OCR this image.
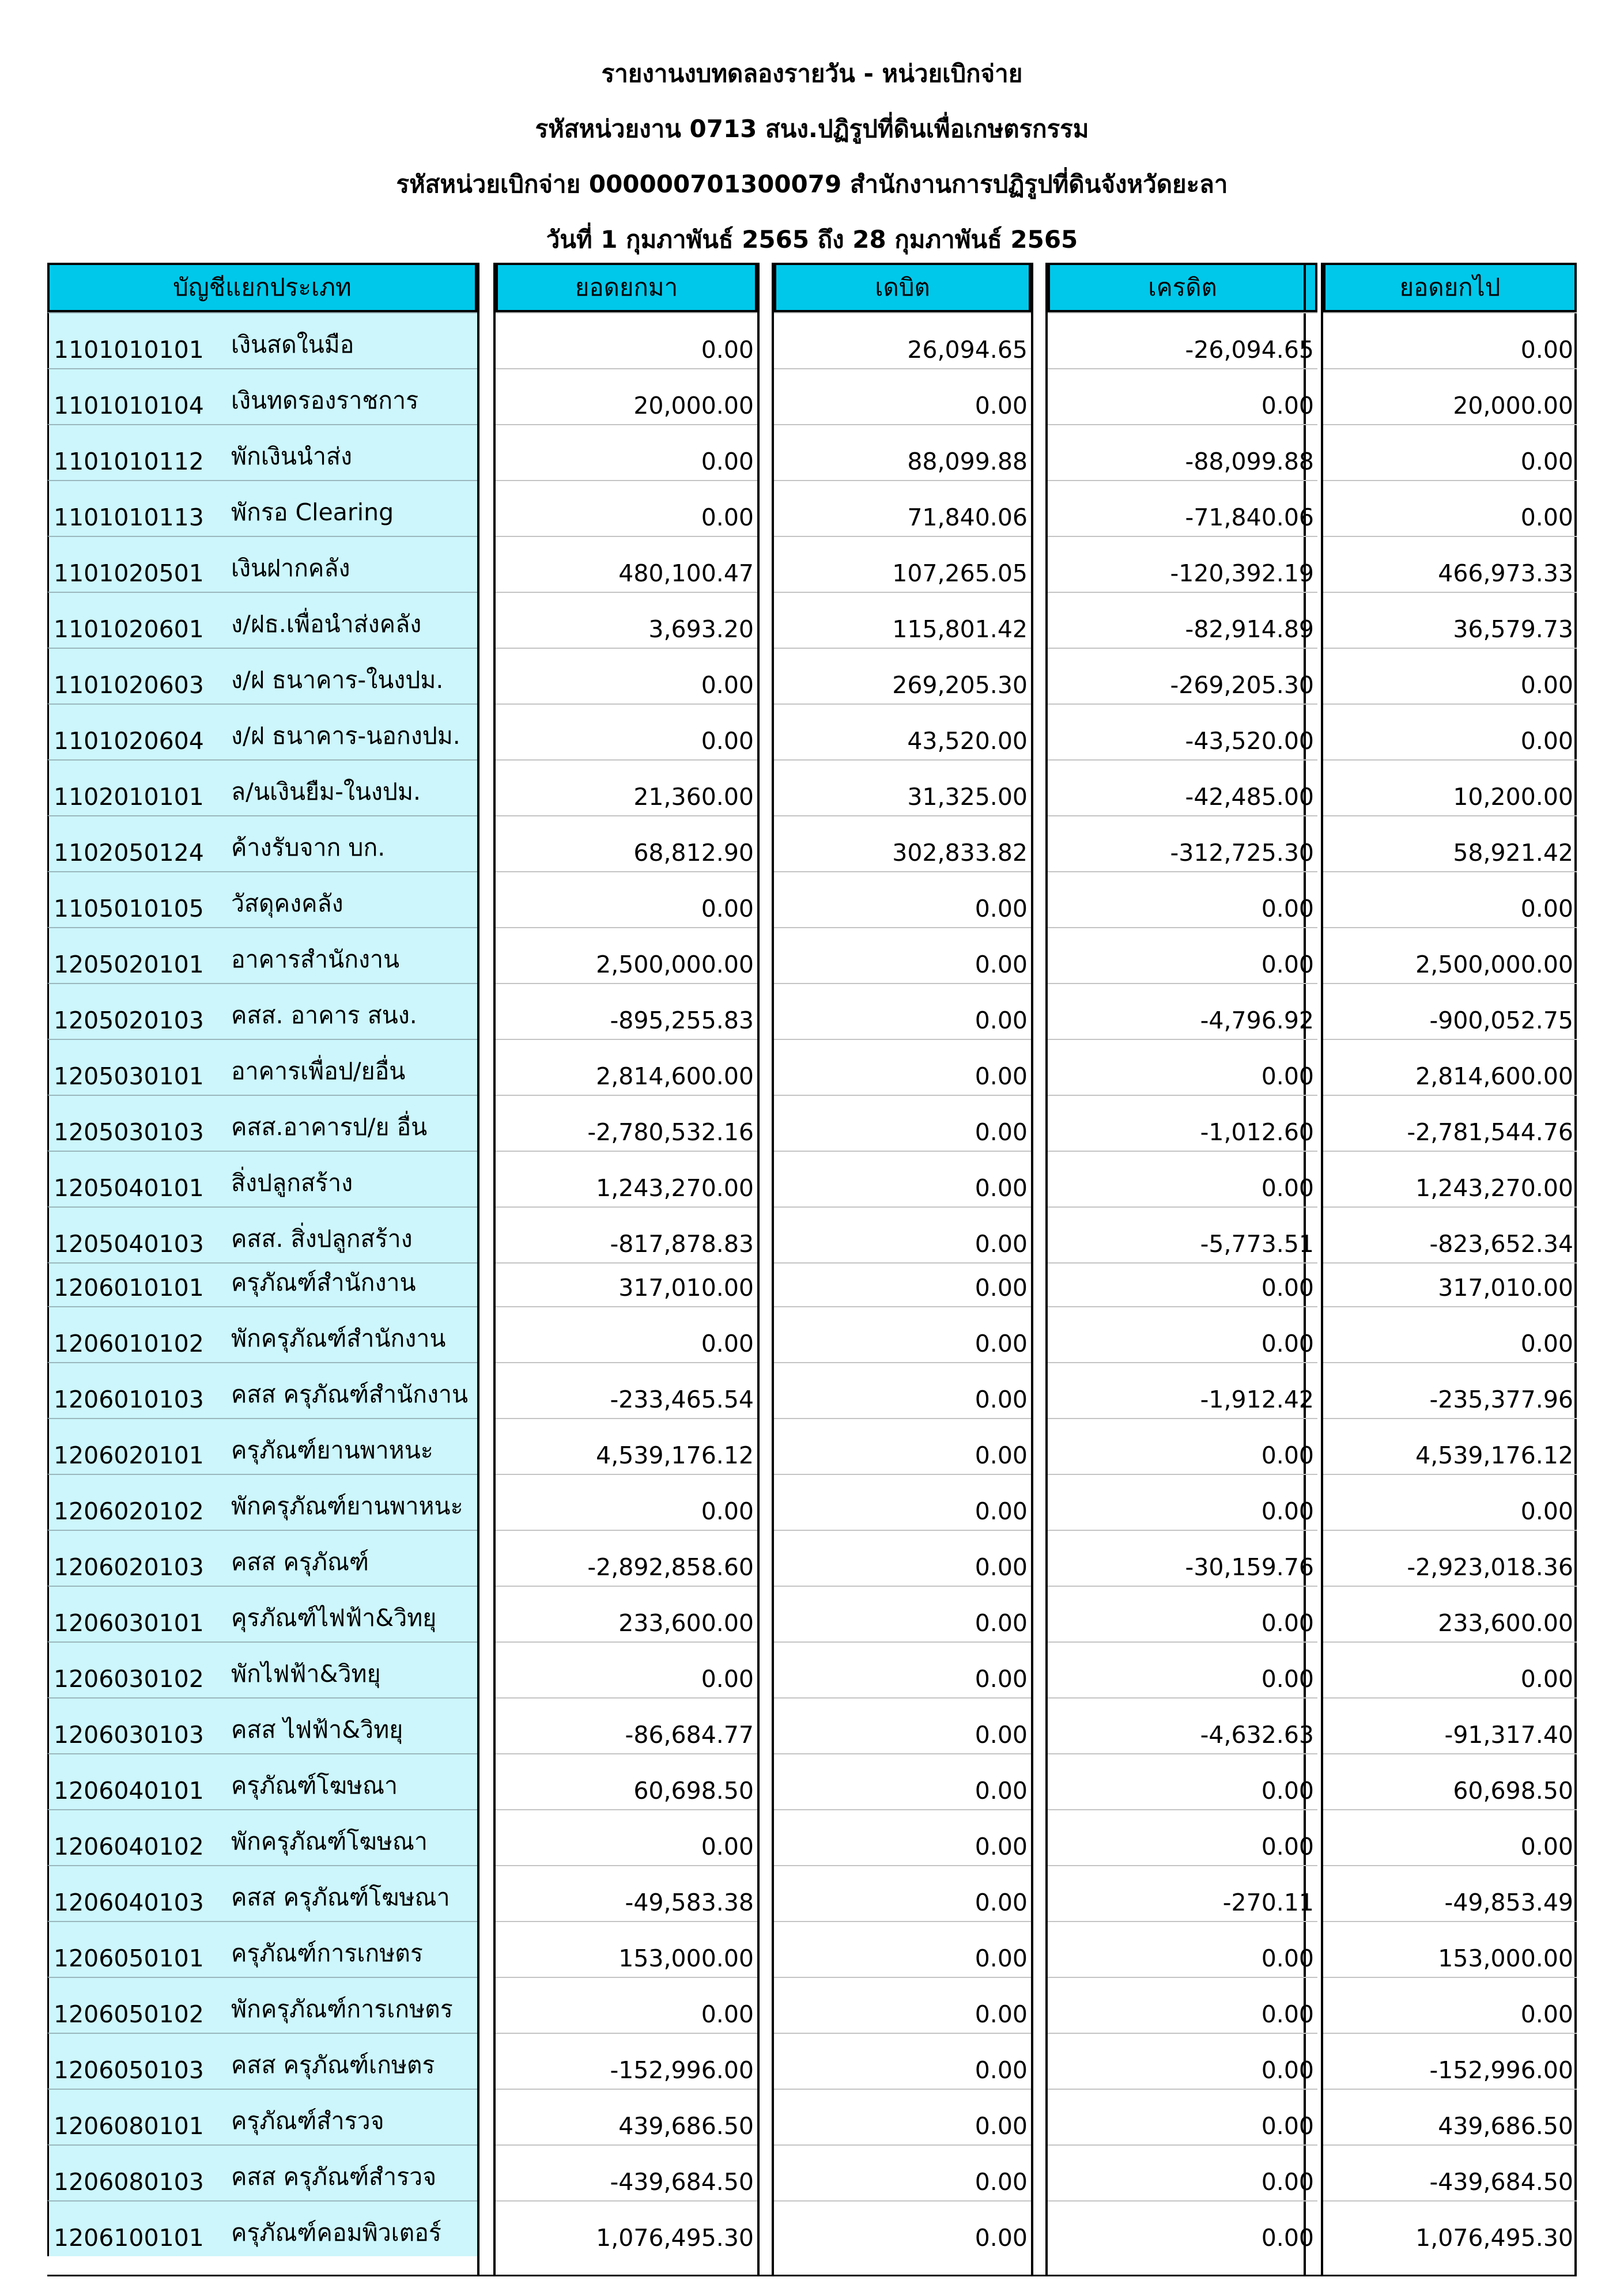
รายงานงบทดลองรายวัน - หน่วยเบิกจ่าย
รหัสหน่วยงาน 0713 สนง.ปฏิรูปที่ดินเพื่อเกษตรกรรม
รหัสหน่วยเบิกจ่าย 000000701300079 สำนักงานการปฏิรูปที่ดินจังหวัดยะลา
วันที่ 1 กุมภาพันธ์ 2565 ถึง 28 กุมภาพันธ์ 2565
บัญชีแยกประเภท	ยอดยกมา	เดบิต	เครดิต	ยอดยกไป
1101010101 เงินสดในมือ	0.00	26,094.65	-26,094.65	0.00
1101010104 เงินทดรองราชการ	20,000.00	0.00	0.00	20,000.00
1101010112 พักเงินนำส่ง	0.00	88,099.88	-88,099.88	0.00
1101010113 พักรอ Clearing	0.00	71,840.06	-71,840.06	0.00
1101020501 เงินฝากคลัง	480,100.47	107,265.05	-120,392.19	466,973.33
1101020601 ง/ฝธ.เพื่อนำส่งคลัง	3,693.20	115,801.42	-82,914.89	36,579.73
1101020603 ง/ฝ ธนาคาร-ในงปม.	0.00	269,205.30	-269,205.30	0.00
1101020604 ง/ฝ ธนาคาร-นอกงปม.	0.00	43,520.00	-43,520.00	0.00
1102010101 ล/นเงินยืม-ในงปม.	21,360.00	31,325.00	-42,485.00	10,200.00
1102050124 ค้างรับจาก บก.	68,812.90	302,833.82	-312,725.30	58,921.42
1105010105 วัสดุคงคลัง	0.00	0.00	0.00	0.00
1205020101 อาคารสำนักงาน	2,500,000.00	0.00	0.00	2,500,000.00
1205020103 คสส. อาคาร สนง.	-895,255.83	0.00	-4,796.92	-900,052.75
1205030101 อาคารเพื่อป/ยอื่น	2,814,600.00	0.00	0.00	2,814,600.00
1205030103 คสส.อาคารป/ย อื่น	-2,780,532.16	0.00	-1,012.60	-2,781,544.76
1205040101 สิ่งปลูกสร้าง	1,243,270.00	0.00	0.00	1,243,270.00
1205040103 คสส. สิ่งปลูกสร้าง	-817,878.83	0.00	-5,773.51	-823,652.34
1206010101 ครุภัณฑ์สำนักงาน	317,010.00	0.00	0.00	317,010.00
1206010102 พักครุภัณฑ์สำนักงาน	0.00	0.00	0.00	0.00
1206010103 คสส ครุภัณฑ์สำนักงาน	-233,465.54	0.00	-1,912.42	-235,377.96
1206020101 ครุภัณฑ์ยานพาหนะ	4,539,176.12	0.00	0.00	4,539,176.12
1206020102 พักครุภัณฑ์ยานพาหนะ	0.00	0.00	0.00	0.00
1206020103 คสส ครุภัณฑ์	-2,892,858.60	0.00	-30,159.76	-2,923,018.36
1206030101 คุรภัณฑ์ไฟฟ้า&วิทยุ	233,600.00	0.00	0.00	233,600.00
1206030102 พักไฟฟ้า&วิทยุ	0.00	0.00	0.00	0.00
1206030103 คสส ไฟฟ้า&วิทยุ	-86,684.77	0.00	-4,632.63	-91,317.40
1206040101 ครุภัณฑ์โฆษณา	60,698.50	0.00	0.00	60,698.50
1206040102 พักครุภัณฑ์โฆษณา	0.00	0.00	0.00	0.00
1206040103 คสส ครุภัณฑ์โฆษณา	-49,583.38	0.00	-270.11	-49,853.49
1206050101 ครุภัณฑ์การเกษตร	153,000.00	0.00	0.00	153,000.00
1206050102 พักครุภัณฑ์การเกษตร	0.00	0.00	0.00	0.00
1206050103 คสส ครุภัณฑ์เกษตร	-152,996.00	0.00	0.00	-152,996.00
1206080101 ครุภัณฑ์สำรวจ	439,686.50	0.00	0.00	439,686.50
1206080103 คสส ครุภัณฑ์สำรวจ	-439,684.50	0.00	0.00	-439,684.50
1206100101 ครุภัณฑ์คอมพิวเตอร์	1,076,495.30	0.00	0.00	1,076,495.30
